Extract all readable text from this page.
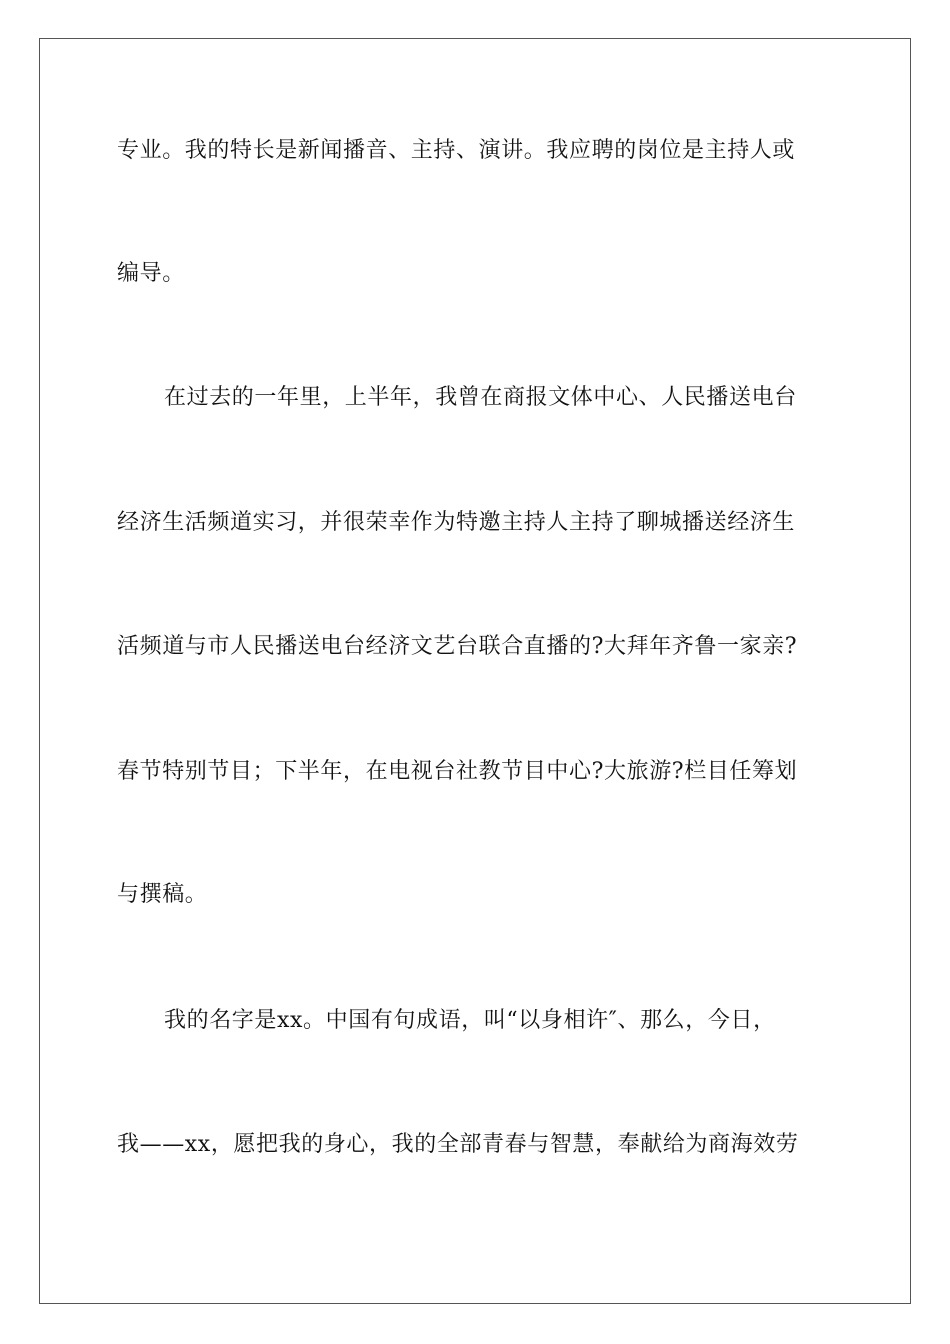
专业。我的特长是新闻播音、主持、演讲。我应聘的岗位是主持人或
编导。
在过去的一年里，上半年，我曾在商报文体中心、人民播送电台
经济生活频道实习，并很荣幸作为特邀主持人主持了聊城播送经济生
活频道与市人民播送电台经济文艺台联合直播的?大拜年齐鲁一家亲?
春节特别节目；下半年，在电视台社教节目中心?大旅游?栏目任筹划
与撰稿。
我的名字是xx。中国有句成语，叫“以身相许″、那么，今日，
我——xx，愿把我的身心，我的全部青春与智慧，奉献给为商海效劳
